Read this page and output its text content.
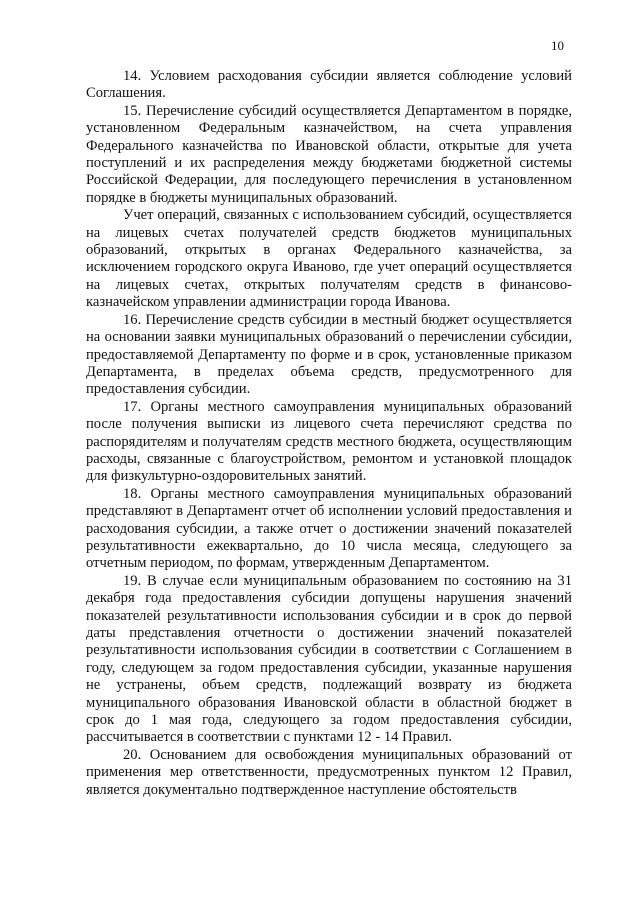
10

14. Условием расходования субсидии является соблюдение условий Соглашения.

15. Перечисление субсидий осуществляется Департаментом в порядке, установленном Федеральным казначейством, на счета управления Федерального казначейства по Ивановской области, открытые для учета поступлений и их распределения между бюджетами бюджетной системы Российской Федерации, для последующего перечисления в установленном порядке в бюджеты муниципальных образований.

Учет операций, связанных с использованием субсидий, осуществляется на лицевых счетах получателей средств бюджетов муниципальных образований, открытых в органах Федерального казначейства, за исключением городского округа Иваново, где учет операций осуществляется на лицевых счетах, открытых получателям средств в финансово-казначейском управлении администрации города Иванова.

16. Перечисление средств субсидии в местный бюджет осуществляется на основании заявки муниципальных образований о перечислении субсидии, предоставляемой Департаменту по форме и в срок, установленные приказом Департамента, в пределах объема средств, предусмотренного для предоставления субсидии.

17. Органы местного самоуправления муниципальных образований после получения выписки из лицевого счета перечисляют средства по распорядителям и получателям средств местного бюджета, осуществляющим расходы, связанные с благоустройством, ремонтом и установкой площадок для физкультурно-оздоровительных занятий.

18. Органы местного самоуправления муниципальных образований представляют в Департамент отчет об исполнении условий предоставления и расходования субсидии, а также отчет о достижении значений показателей результативности ежеквартально, до 10 числа месяца, следующего за отчетным периодом, по формам, утвержденным Департаментом.

19. В случае если муниципальным образованием по состоянию на 31 декабря года предоставления субсидии допущены нарушения значений показателей результативности использования субсидии и в срок до первой даты представления отчетности о достижении значений показателей результативности использования субсидии в соответствии с Соглашением в году, следующем за годом предоставления субсидии, указанные нарушения не устранены, объем средств, подлежащий возврату из бюджета муниципального образования Ивановской области в областной бюджет в срок до 1 мая года, следующего за годом предоставления субсидии, рассчитывается в соответствии с пунктами 12 - 14 Правил.

20. Основанием для освобождения муниципальных образований от применения мер ответственности, предусмотренных пунктом 12 Правил, является документально подтвержденное наступление обстоятельств
